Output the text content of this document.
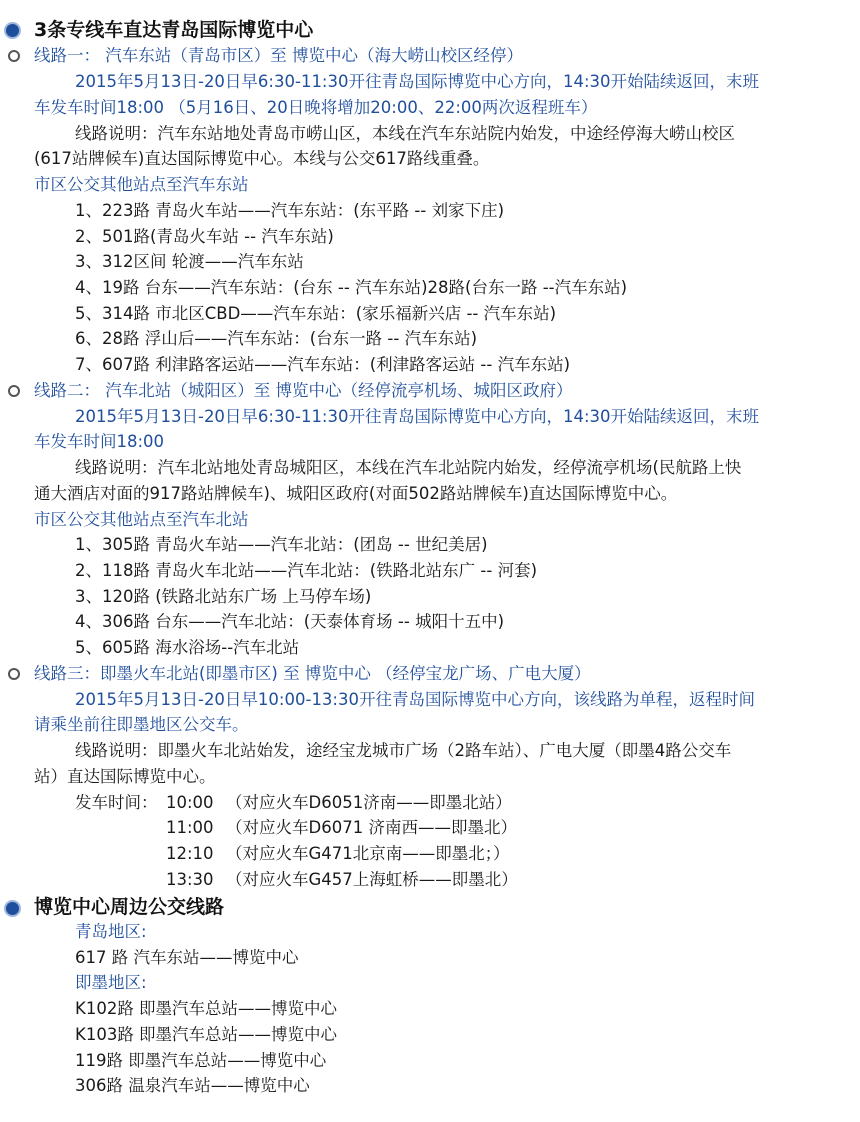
3条专线车直达青岛国际博览中心
线路一： 汽车东站（青岛市区）至 博览中心（海大崂山校区经停）
2015年5月13日-20日早6:30-11:30开往青岛国际博览中心方向，14:30开始陆续返回，末班
车发车时间18:00 （5月16日、20日晚将增加20:00、22:00两次返程班车）
线路说明：汽车东站地处青岛市崂山区，本线在汽车东站院内始发，中途经停海大崂山校区
(617站牌候车)直达国际博览中心。本线与公交617路线重叠。
市区公交其他站点至汽车东站
1、223路 青岛火车站——汽车东站：(东平路 -- 刘家下庄)
2、501路(青岛火车站 -- 汽车东站)
3、312区间 轮渡——汽车东站
4、19路 台东——汽车东站：(台东 -- 汽车东站)28路(台东一路 --汽车东站)
5、314路 市北区CBD——汽车东站：(家乐福新兴店 -- 汽车东站)
6、28路 浮山后——汽车东站：(台东一路 -- 汽车东站)
7、607路 利津路客运站——汽车东站：(利津路客运站 -- 汽车东站)
线路二： 汽车北站（城阳区）至 博览中心（经停流亭机场、城阳区政府）
2015年5月13日-20日早6:30-11:30开往青岛国际博览中心方向，14:30开始陆续返回，末班
车发车时间18:00
线路说明：汽车北站地处青岛城阳区，本线在汽车北站院内始发，经停流亭机场(民航路上快
通大酒店对面的917路站牌候车)、城阳区政府(对面502路站牌候车)直达国际博览中心。
市区公交其他站点至汽车北站
1、305路 青岛火车站——汽车北站：(团岛 -- 世纪美居)
2、118路 青岛火车北站——汽车北站：(铁路北站东广 -- 河套)
3、120路 (铁路北站东广场 上马停车场)
4、306路 台东——汽车北站：(天泰体育场 -- 城阳十五中)
5、605路 海水浴场--汽车北站
线路三：即墨火车北站(即墨市区) 至 博览中心 （经停宝龙广场、广电大厦）
2015年5月13日-20日早10:00-13:30开往青岛国际博览中心方向，该线路为单程，返程时间
请乘坐前往即墨地区公交车。
线路说明：即墨火车北站始发，途经宝龙城市广场（2路车站）、广电大厦（即墨4路公交车
站）直达国际博览中心。
发车时间： 10:00 （对应火车D6051济南——即墨北站）
11:00 （对应火车D6071 济南西——即墨北）
12:10 （对应火车G471北京南——即墨北；）
13:30 （对应火车G457上海虹桥——即墨北）
博览中心周边公交线路
青岛地区:
617 路 汽车东站——博览中心
即墨地区:
K102路 即墨汽车总站——博览中心
K103路 即墨汽车总站——博览中心
119路 即墨汽车总站——博览中心
306路 温泉汽车站——博览中心
